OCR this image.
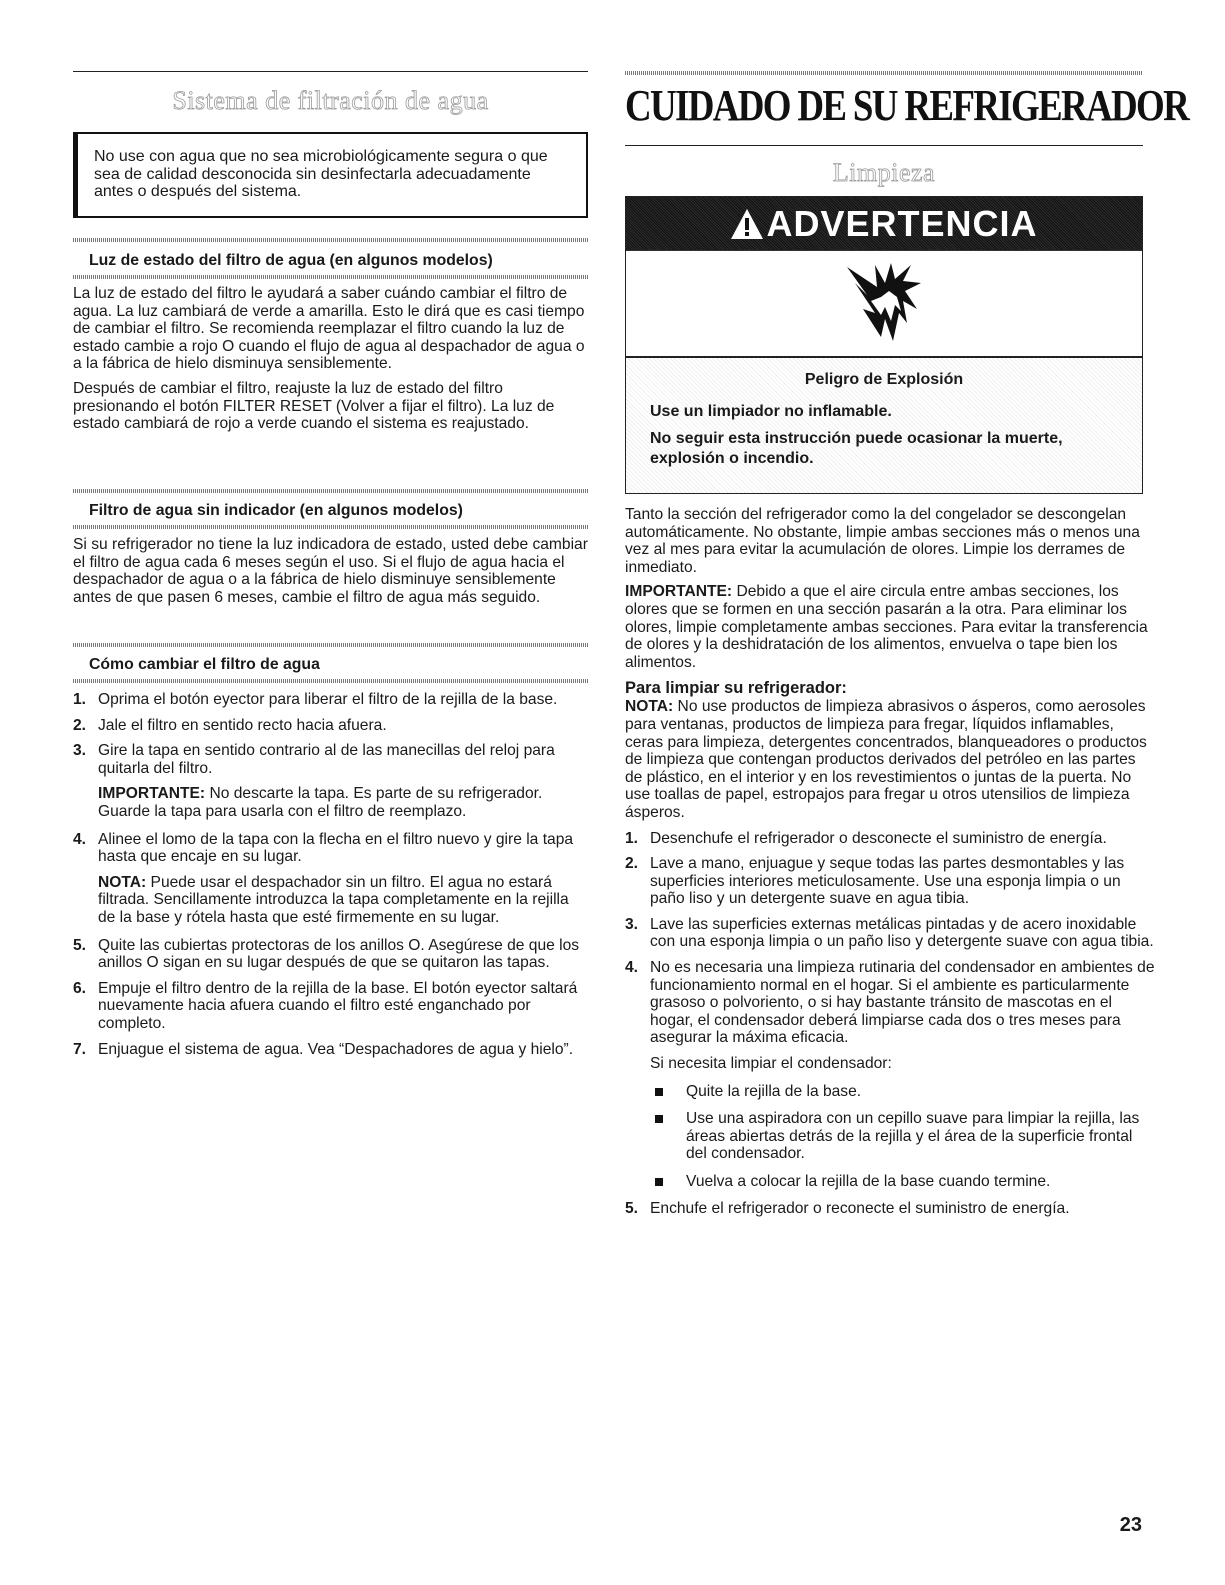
Sistema de filtración de agua

No use con agua que no sea microbiológicamente segura o que sea de calidad desconocida sin desinfectarla adecuadamente antes o después del sistema.

Luz de estado del filtro de agua (en algunos modelos)

La luz de estado del filtro le ayudará a saber cuándo cambiar el filtro de agua. La luz cambiará de verde a amarilla. Esto le dirá que es casi tiempo de cambiar el filtro. Se recomienda reemplazar el filtro cuando la luz de estado cambie a rojo O cuando el flujo de agua al despachador de agua o a la fábrica de hielo disminuya sensiblemente.

Después de cambiar el filtro, reajuste la luz de estado del filtro presionando el botón FILTER RESET (Volver a fijar el filtro). La luz de estado cambiará de rojo a verde cuando el sistema es reajustado.

Filtro de agua sin indicador (en algunos modelos)

Si su refrigerador no tiene la luz indicadora de estado, usted debe cambiar el filtro de agua cada 6 meses según el uso. Si el flujo de agua hacia el despachador de agua o a la fábrica de hielo disminuye sensiblemente antes de que pasen 6 meses, cambie el filtro de agua más seguido.

Cómo cambiar el filtro de agua
1. Oprima el botón eyector para liberar el filtro de la rejilla de la base.

2. Jale el filtro en sentido recto hacia afuera.

3. Gire la tapa en sentido contrario al de las manecillas del reloj para quitarla del filtro.

IMPORTANTE: No descarte la tapa. Es parte de su refrigerador. Guarde la tapa para usarla con el filtro de reemplazo.

4. Alinee el lomo de la tapa con la flecha en el filtro nuevo y gire la tapa hasta que encaje en su lugar.

NOTA: Puede usar el despachador sin un filtro. El agua no estará filtrada. Sencillamente introduzca la tapa completamente en la rejilla de la base y rótela hasta que esté firmemente en su lugar.

5. Quite las cubiertas protectoras de los anillos O. Asegúrese de que los anillos O sigan en su lugar después de que se quitaron las tapas.

6. Empuje el filtro dentro de la rejilla de la base. El botón eyector saltará nuevamente hacia afuera cuando el filtro esté enganchado por completo.

7. Enjuague el sistema de agua. Vea “Despachadores de agua y hielo”.

CUIDADO DE SU REFRIGERADOR
Limpieza
ADVERTENCIA
Peligro de Explosión

Use un limpiador no inflamable.

No seguir esta instrucción puede ocasionar la muerte, explosión o incendio.

Tanto la sección del refrigerador como la del congelador se descongelan automáticamente. No obstante, limpie ambas secciones más o menos una vez al mes para evitar la acumulación de olores. Limpie los derrames de inmediato.

IMPORTANTE: Debido a que el aire circula entre ambas secciones, los olores que se formen en una sección pasarán a la otra. Para eliminar los olores, limpie completamente ambas secciones. Para evitar la transferencia de olores y la deshidratación de los alimentos, envuelva o tape bien los alimentos.

Para limpiar su refrigerador:

NOTA: No use productos de limpieza abrasivos o ásperos, como aerosoles para ventanas, productos de limpieza para fregar, líquidos inflamables, ceras para limpieza, detergentes concentrados, blanqueadores o productos de limpieza que contengan productos derivados del petróleo en las partes de plástico, en el interior y en los revestimientos o juntas de la puerta. No use toallas de papel, estropajos para fregar u otros utensilios de limpieza ásperos.

1. Desenchufe el refrigerador o desconecte el suministro de energía.

2. Lave a mano, enjuague y seque todas las partes desmontables y las superficies interiores meticulosamente. Use una esponja limpia o un paño liso y un detergente suave en agua tibia.

3. Lave las superficies externas metálicas pintadas y de acero inoxidable con una esponja limpia o un paño liso y detergente suave con agua tibia.

4. No es necesaria una limpieza rutinaria del condensador en ambientes de funcionamiento normal en el hogar. Si el ambiente es particularmente grasoso o polvoriento, o si hay bastante tránsito de mascotas en el hogar, el condensador deberá limpiarse cada dos o tres meses para asegurar la máxima eficacia.

Si necesita limpiar el condensador:

Quite la rejilla de la base.
Use una aspiradora con un cepillo suave para limpiar la rejilla, las áreas abiertas detrás de la rejilla y el área de la superficie frontal del condensador.
Vuelva a colocar la rejilla de la base cuando termine.
5. Enchufe el refrigerador o reconecte el suministro de energía.

23
